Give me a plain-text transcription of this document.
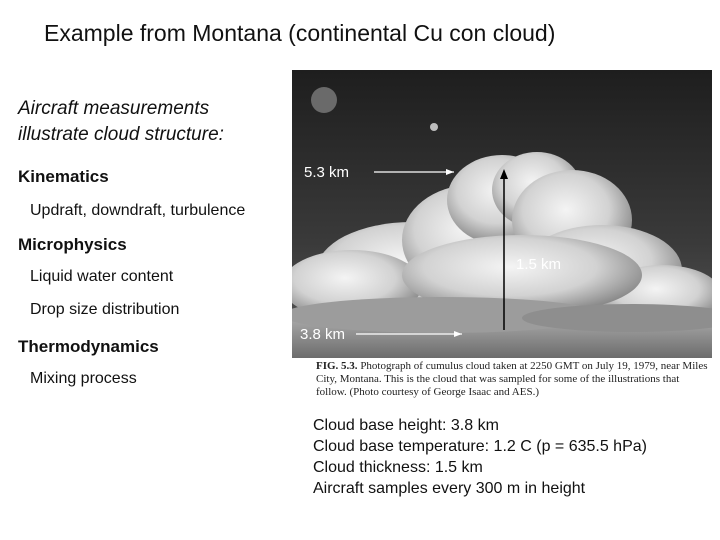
Example from Montana (continental Cu con cloud)
Aircraft measurements
illustrate cloud structure:
Kinematics
Updraft, downdraft, turbulence
Microphysics
Liquid water content
Drop size distribution
Thermodynamics
Mixing process
5.3 km
1.5 km
3.8 km
FIG. 5.3. Photograph of cumulus cloud taken at 2250 GMT on July 19, 1979, near Miles City, Montana. This is the cloud that was sampled for some of the illustrations that follow. (Photo courtesy of George Isaac and AES.)
Cloud base height: 3.8 km
Cloud base temperature: 1.2 C (p = 635.5 hPa)
Cloud thickness: 1.5 km
Aircraft samples every 300 m in height
